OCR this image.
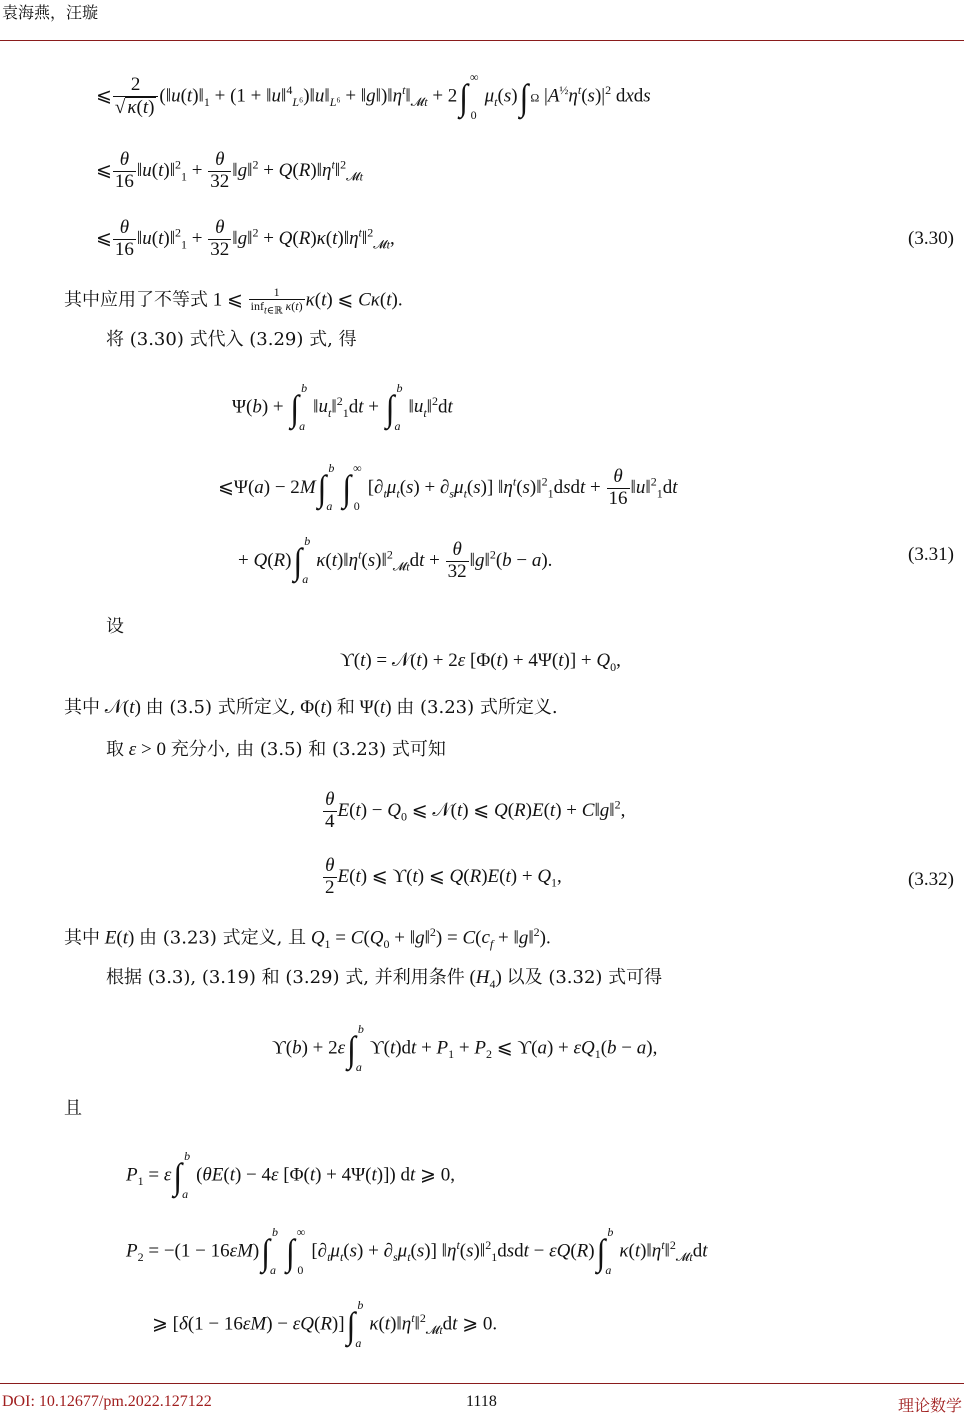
袁海燕，汪璇
⩽ $\frac{2}{√ \kappa(t)}$ ($‖u(t)‖_1 + (1$ + $‖u‖^4_{L^6})‖u‖_{L^6}$ + $‖g‖)‖\eta^t‖_{𝓜t} + 2\int$ $\infty 0\mu_t(s)\int$ Ω $|A^{\frac{1}{2}}\eta^t(s)|^2$ dxds
⩽ $\frac{\theta}{16}$ ‖u(t)‖$^2_1$ + $\frac{\theta}{32}$ ‖g‖$^2$ + $Q(R)‖\eta^t‖^2_{𝓜t}$
⩽ $\frac{\theta}{16}$ ‖u(t)‖$^2_1$ + $\frac{\theta}{32}$ ‖g‖$^2$ + $Q(R)\kappa(t)‖\eta^t‖^2_{𝓜t}$,	(3.30)
其中应用了不等式 1 ⩽ $\frac{1}{inf_{t\in ℝ} \kappa(t)} \kappa(t)$ ⩽ Cκ(t).
将 (3.30) 式代入 (3.29) 式, 得
Ψ(b) + ∫ $ba‖u_t‖^2_1dt$ + ∫ $ba‖u_t‖^2dt$
⩽Ψ(a) − 2M∫ ba ∫ $\infty 0[\partial_t\mu_t(s) + \partial_s\mu_t(s)]$ $‖\eta^t(s)‖^2_1dsdt + \frac{\theta}{16}$ ‖u‖$^2_1$dt
+ Q(R)∫ $ba\kappa(t)‖\eta^t(s)‖^2_{𝓜t}dt + \frac{\theta}{32}$ ‖g‖$^2$(b − a).	(3.31)
设
ϒ(t) = 𝒩(t) + 2ε $[\Phi(t) + 4\Psi(t)] + Q_0$,
其中 𝒩(t) 由 (3.5) 式所定义, Φ(t) 和 Ψ(t) 由 (3.23) 式所定义.
取 ε > 0 充分小, 由 (3.5) 和 (3.23) 式可知
$\frac{\theta}{4} E(t) - Q_0$ ⩽ 𝒩(t) ⩽ Q(R)E(t) + C‖g‖$^2$,
$\frac{\theta}{2} E(t)$ ⩽ ϒ(t) ⩽ $Q(R)E(t) + Q_1$,	(3.32)
其中 E(t) 由 (3.23) 式定义, 且 $Q_1 = C(Q_0$ + ‖g‖$^2$) = $C(c_f$ + ‖g‖$^2$).
根据 (3.3), (3.19) 和 (3.29) 式, 并利用条件 $(H_4)$ 以及 (3.32) 式可得
ϒ(b) + 2ε∫ $baϒ(t)dt + P_1 + P_2$ ⩽ $ϒ(a) + \varepsilon Q_1(b - a)$,
且
$P_1 = \varepsilon\int$ ba(θE(t) − 4ε [Φ(t) + 4Ψ(t)]) dt ⩾ 0,
$P_2 = -(1 - 16\varepsilon M)\int$ ba ∫ $\infty 0[\partial_t\mu_t(s) + \partial_s\mu_t(s)]$ $‖\eta^t(s)‖^2_1dsdt - \varepsilon Q(R)\int$ $ba\kappa(t)‖\eta^t‖^2_{𝓜t}dt$
⩾ [δ(1 − 16εM) − εQ(R)]∫ $ba\kappa(t)‖\eta^t‖^2_{𝓜t}dt$ ⩾ 0.
DOI: 10.12677/pm.2022.127122	1118	理论数学
